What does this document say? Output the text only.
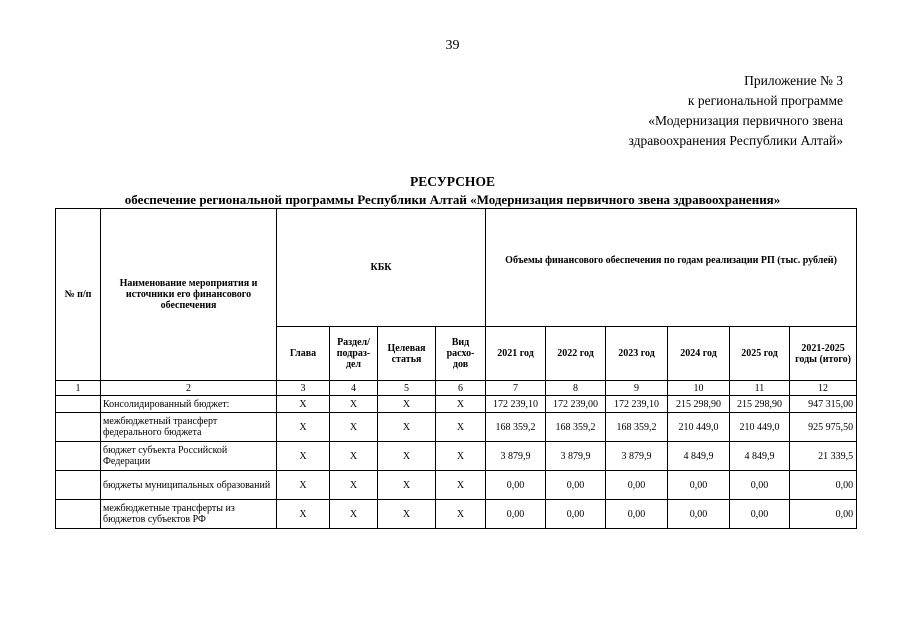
39
Приложение № 3
к региональной программе
«Модернизация первичного звена
здравоохранения Республики Алтай»
РЕСУРСНОЕ
обеспечение региональной программы Республики Алтай «Модернизация первичного звена здравоохранения»
№ п/п	Наименование мероприятия и источники его финансового обеспечения	КБК				Объемы финансового обеспечения по годам реализации РП (тыс. рублей)					
		Глава	Раздел/ подраз- дел	Целевая статья	Вид расхо- дов	2021 год	2022 год	2023 год	2024 год	2025 год	2021-2025 годы (итого)
1	2	3	4	5	6	7	8	9	10	11	12
	Консолидированный бюджет:	Х	Х	Х	Х	172 239,10	172 239,00	172 239,10	215 298,90	215 298,90	947 315,00
	межбюджетный трансферт федерального бюджета	Х	Х	Х	Х	168 359,2	168 359,2	168 359,2	210 449,0	210 449,0	925 975,50
	бюджет субъекта Российской Федерации	Х	Х	Х	Х	3 879,9	3 879,9	3 879,9	4 849,9	4 849,9	21 339,5
	бюджеты муниципальных образований	Х	Х	Х	Х	0,00	0,00	0,00	0,00	0,00	0,00
	межбюджетные трансферты из бюджетов субъектов РФ	Х	Х	Х	Х	0,00	0,00	0,00	0,00	0,00	0,00
